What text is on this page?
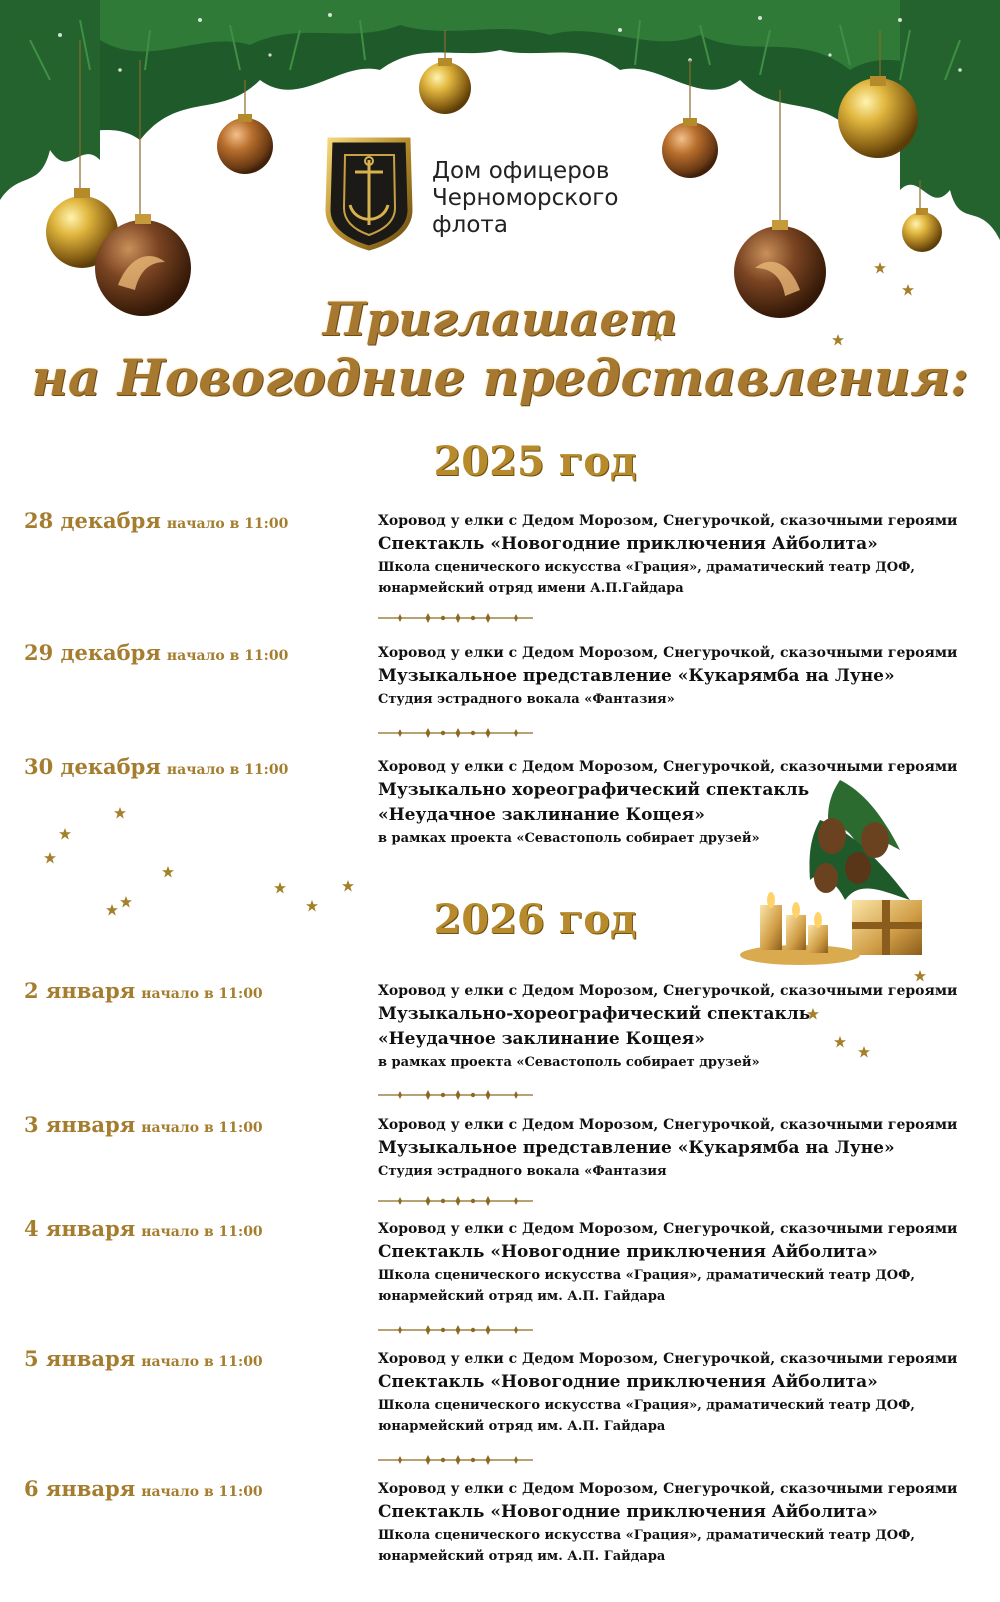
Дом офицеров
Черноморского
флота
Приглашает
на Новогодние представления:
2025 год
28 декабря начало в 11:00	Хоровод у елки с Дедом Морозом, Снегурочкой, сказочными героями
Спектакль «Новогодние приключения Айболита»
Школа сценического искусства «Грация», драматический театр ДОФ,
юнармейский отряд имени А.П.Гайдара
29 декабря начало в 11:00	Хоровод у елки с Дедом Морозом, Снегурочкой, сказочными героями
Музыкальное представление «Кукарямба на Луне»
Студия эстрадного вокала «Фантазия»
30 декабря начало в 11:00	Хоровод у елки с Дедом Морозом, Снегурочкой, сказочными героями
Музыкально хореографический спектакль
«Неудачное заклинание Кощея»
в рамках проекта «Севастополь собирает друзей»
2026 год
2 января начало в 11:00	Хоровод у елки с Дедом Морозом, Снегурочкой, сказочными героями
Музыкально-хореографический спектакль
«Неудачное заклинание Кощея»
в рамках проекта «Севастополь собирает друзей»
3 января начало в 11:00	Хоровод у елки с Дедом Морозом, Снегурочкой, сказочными героями
Музыкальное представление «Кукарямба на Луне»
Студия эстрадного вокала «Фантазия
4 января начало в 11:00	Хоровод у елки с Дедом Морозом, Снегурочкой, сказочными героями
Спектакль «Новогодние приключения Айболита»
Школа сценического искусства «Грация», драматический театр ДОФ,
юнармейский отряд им. А.П. Гайдара
5 января начало в 11:00	Хоровод у елки с Дедом Морозом, Снегурочкой, сказочными героями
Спектакль «Новогодние приключения Айболита»
Школа сценического искусства «Грация», драматический театр ДОФ,
юнармейский отряд им. А.П. Гайдара
6 января начало в 11:00	Хоровод у елки с Дедом Морозом, Снегурочкой, сказочными героями
Спектакль «Новогодние приключения Айболита»
Школа сценического искусства «Грация», драматический театр ДОФ,
юнармейский отряд им. А.П. Гайдара
